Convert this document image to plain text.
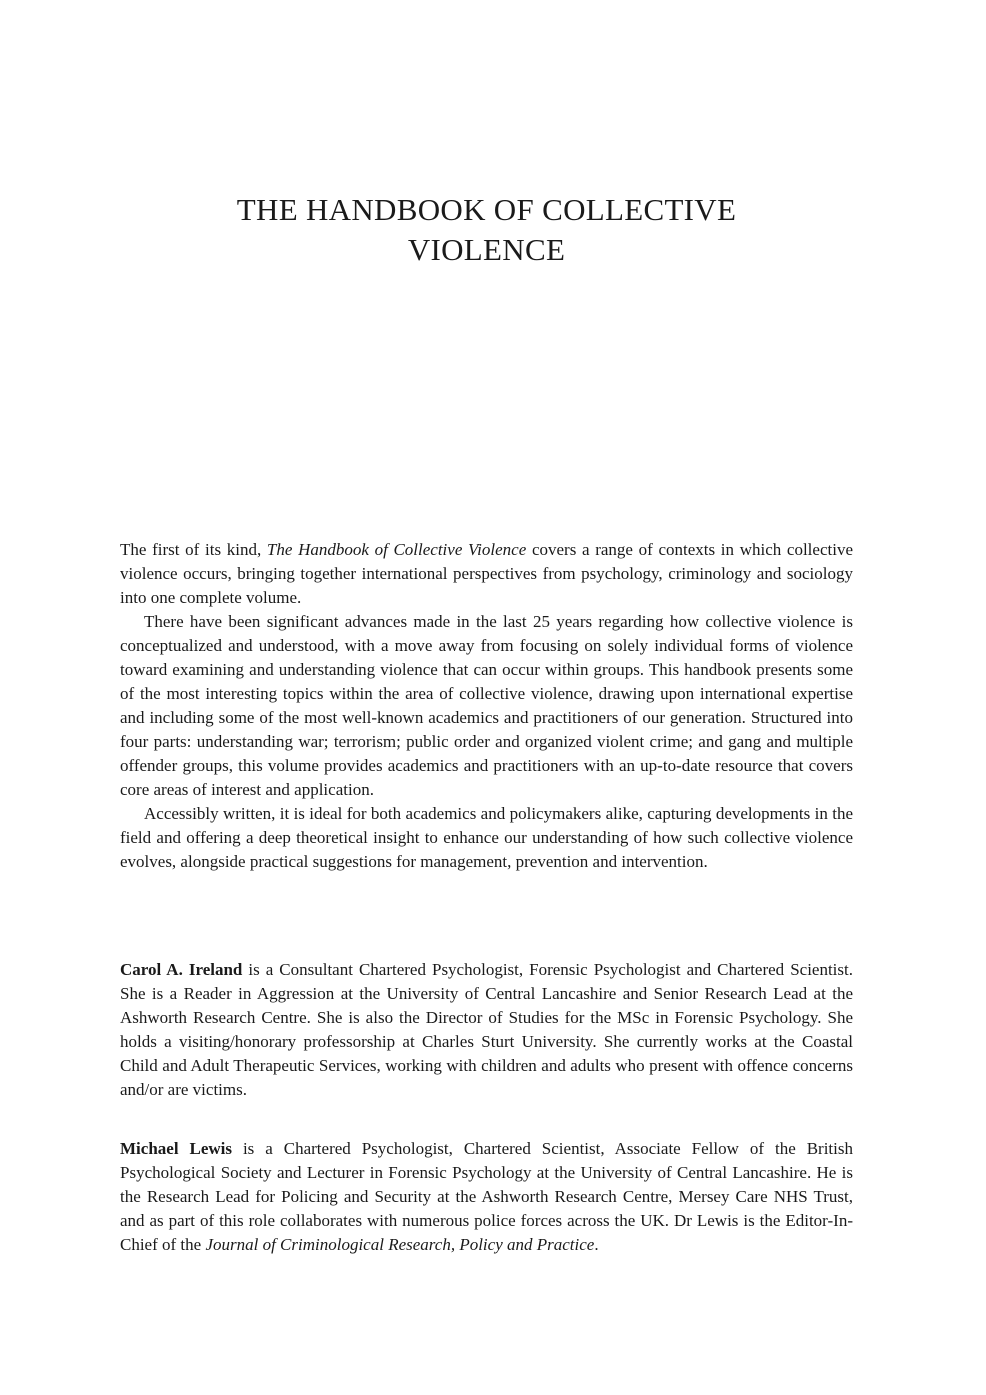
THE HANDBOOK OF COLLECTIVE
VIOLENCE

The first of its kind, The Handbook of Collective Violence covers a range of contexts in which collective violence occurs, bringing together international perspectives from psychology, criminology and sociology into one complete volume.

There have been significant advances made in the last 25 years regarding how collective violence is conceptualized and understood, with a move away from focusing on solely individual forms of violence toward examining and understanding violence that can occur within groups. This handbook presents some of the most interesting topics within the area of collective violence, drawing upon international expertise and including some of the most well-known academics and practitioners of our generation. Structured into four parts: understanding war; terrorism; public order and organized violent crime; and gang and multiple offender groups, this volume provides academics and practitioners with an up-to-date resource that covers core areas of interest and application.

Accessibly written, it is ideal for both academics and policymakers alike, capturing developments in the field and offering a deep theoretical insight to enhance our understanding of how such collective violence evolves, alongside practical suggestions for management, prevention and intervention.

Carol A. Ireland is a Consultant Chartered Psychologist, Forensic Psychologist and Chartered Scientist. She is a Reader in Aggression at the University of Central Lancashire and Senior Research Lead at the Ashworth Research Centre. She is also the Director of Studies for the MSc in Forensic Psychology. She holds a visiting/honorary professorship at Charles Sturt University. She currently works at the Coastal Child and Adult Therapeutic Services, working with children and adults who present with offence concerns and/or are victims.

Michael Lewis is a Chartered Psychologist, Chartered Scientist, Associate Fellow of the British Psychological Society and Lecturer in Forensic Psychology at the University of Central Lancashire. He is the Research Lead for Policing and Security at the Ashworth Research Centre, Mersey Care NHS Trust, and as part of this role collaborates with numerous police forces across the UK. Dr Lewis is the Editor-In-Chief of the Journal of Criminological Research, Policy and Practice.
